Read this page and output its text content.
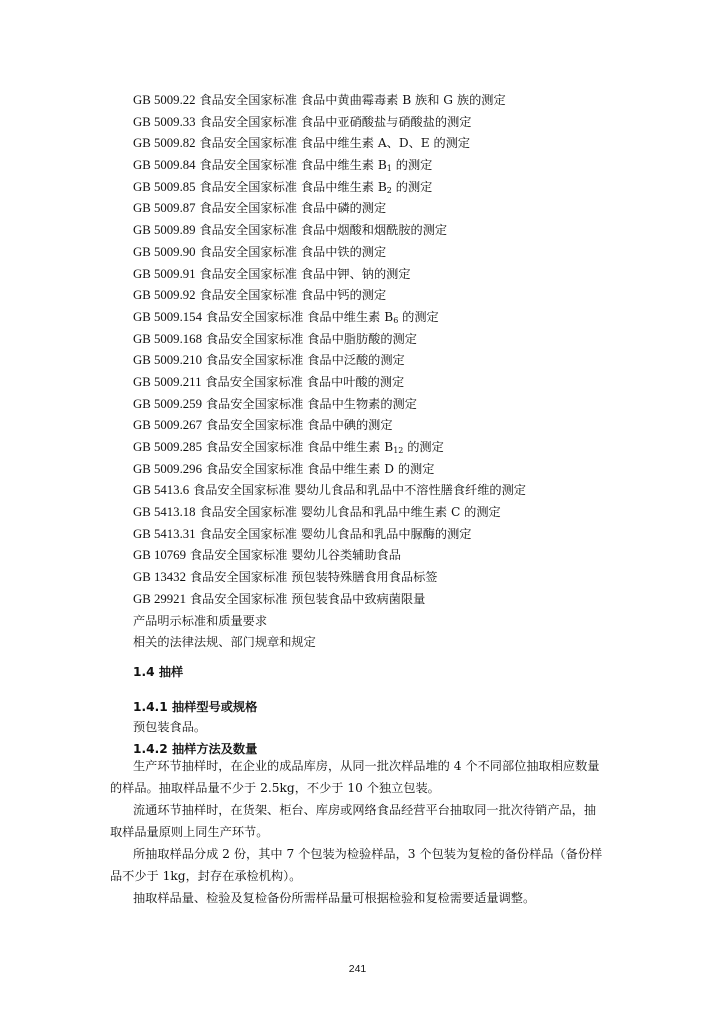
GB 5009.22 食品安全国家标准 食品中黄曲霉毒素 B 族和 G 族的测定
GB 5009.33 食品安全国家标准 食品中亚硝酸盐与硝酸盐的测定
GB 5009.82 食品安全国家标准 食品中维生素 A、D、E 的测定
GB 5009.84 食品安全国家标准 食品中维生素 $B_1$ 的测定
GB 5009.85 食品安全国家标准 食品中维生素 $B_2$ 的测定
GB 5009.87 食品安全国家标准 食品中磷的测定
GB 5009.89 食品安全国家标准 食品中烟酸和烟酰胺的测定
GB 5009.90 食品安全国家标准 食品中铁的测定
GB 5009.91 食品安全国家标准 食品中钾、钠的测定
GB 5009.92 食品安全国家标准 食品中钙的测定
GB 5009.154 食品安全国家标准 食品中维生素 $B_6$ 的测定
GB 5009.168 食品安全国家标准 食品中脂肪酸的测定
GB 5009.210 食品安全国家标准 食品中泛酸的测定
GB 5009.211 食品安全国家标准 食品中叶酸的测定
GB 5009.259 食品安全国家标准 食品中生物素的测定
GB 5009.267 食品安全国家标准 食品中碘的测定
GB 5009.285 食品安全国家标准 食品中维生素 $B_{12}$ 的测定
GB 5009.296 食品安全国家标准 食品中维生素 D 的测定
GB 5413.6 食品安全国家标准 婴幼儿食品和乳品中不溶性膳食纤维的测定
GB 5413.18 食品安全国家标准 婴幼儿食品和乳品中维生素 C 的测定
GB 5413.31 食品安全国家标准 婴幼儿食品和乳品中脲酶的测定
GB 10769 食品安全国家标准 婴幼儿谷类辅助食品
GB 13432 食品安全国家标准 预包装特殊膳食用食品标签
GB 29921 食品安全国家标准 预包装食品中致病菌限量
产品明示标准和质量要求
相关的法律法规、部门规章和规定
1.4 抽样
1.4.1 抽样型号或规格
预包装食品。
1.4.2 抽样方法及数量
生产环节抽样时，在企业的成品库房，从同一批次样品堆的 4 个不同部位抽取相应数量
的样品。抽取样品量不少于 2.5kg，不少于 10 个独立包装。
流通环节抽样时，在货架、柜台、库房或网络食品经营平台抽取同一批次待销产品，抽
取样品量原则上同生产环节。
所抽取样品分成 2 份，其中 7 个包装为检验样品，3 个包装为复检的备份样品（备份样
品不少于 1kg，封存在承检机构）。
抽取样品量、检验及复检备份所需样品量可根据检验和复检需要适量调整。
241
